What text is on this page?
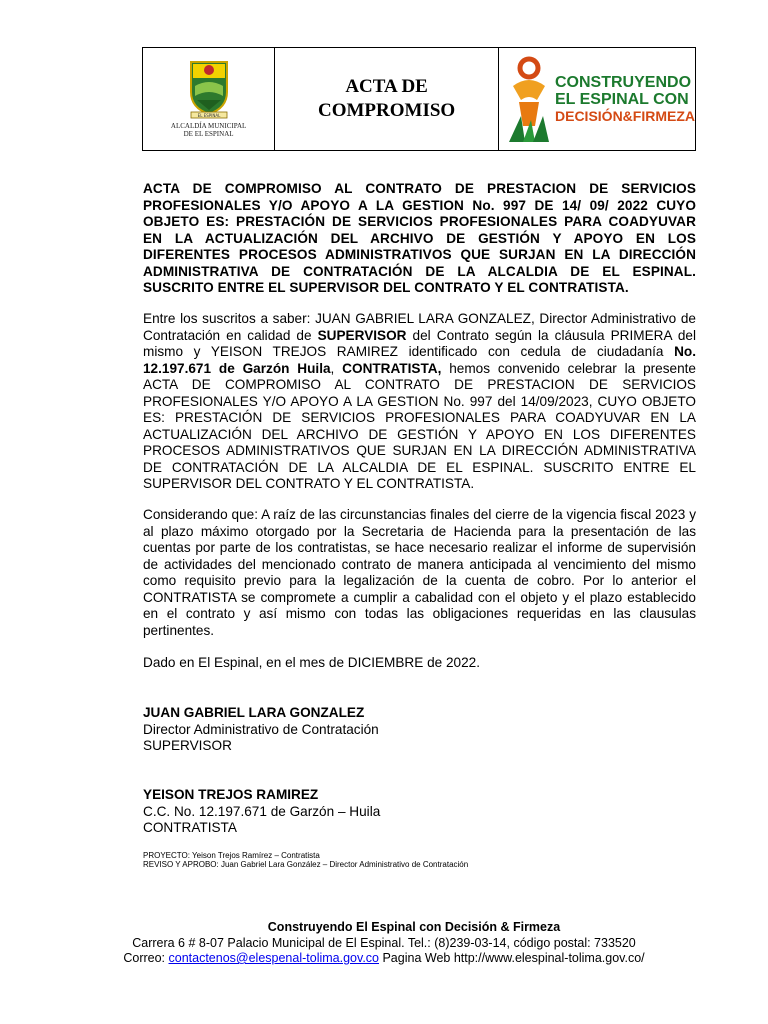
EL ESPINAL
ALCALDÍA MUNICIPAL
DE EL ESPINAL
ACTA DE
COMPROMISO
CONSTRUYENDO
EL ESPINAL CON
DECISIÓN&FIRMEZA
ACTA DE COMPROMISO AL CONTRATO DE PRESTACION DE SERVICIOS PROFESIONALES Y/O APOYO A LA GESTION No. 997 DE 14/ 09/ 2022 CUYO OBJETO ES: PRESTACIÓN DE SERVICIOS PROFESIONALES PARA COADYUVAR EN LA ACTUALIZACIÓN DEL ARCHIVO DE GESTIÓN Y APOYO EN LOS DIFERENTES PROCESOS ADMINISTRATIVOS QUE SURJAN EN LA DIRECCIÓN ADMINISTRATIVA DE CONTRATACIÓN DE LA ALCALDIA DE EL ESPINAL. SUSCRITO ENTRE EL SUPERVISOR DEL CONTRATO Y EL CONTRATISTA.
Entre los suscritos a saber: JUAN GABRIEL LARA GONZALEZ, Director Administrativo de Contratación en calidad de SUPERVISOR del Contrato según la cláusula PRIMERA del mismo y YEISON TREJOS RAMIREZ identificado con cedula de ciudadanía No. 12.197.671 de Garzón Huila, CONTRATISTA, hemos convenido celebrar la presente ACTA DE COMPROMISO AL CONTRATO DE PRESTACION DE SERVICIOS PROFESIONALES Y/O APOYO A LA GESTION No. 997 del 14/09/2023, CUYO OBJETO ES: PRESTACIÓN DE SERVICIOS PROFESIONALES PARA COADYUVAR EN LA ACTUALIZACIÓN DEL ARCHIVO DE GESTIÓN Y APOYO EN LOS DIFERENTES PROCESOS ADMINISTRATIVOS QUE SURJAN EN LA DIRECCIÓN ADMINISTRATIVA DE CONTRATACIÓN DE LA ALCALDIA DE EL ESPINAL. SUSCRITO ENTRE EL SUPERVISOR DEL CONTRATO Y EL CONTRATISTA.
Considerando que: A raíz de las circunstancias finales del cierre de la vigencia fiscal 2023 y al plazo máximo otorgado por la Secretaria de Hacienda para la presentación de las cuentas por parte de los contratistas, se hace necesario realizar el informe de supervisión de actividades del mencionado contrato de manera anticipada al vencimiento del mismo como requisito previo para la legalización de la cuenta de cobro. Por lo anterior el CONTRATISTA se compromete a cumplir a cabalidad con el objeto y el plazo establecido en el contrato y así mismo con todas las obligaciones requeridas en las clausulas pertinentes.
Dado en El Espinal, en el mes de DICIEMBRE de 2022.
JUAN GABRIEL LARA GONZALEZ
Director Administrativo de Contratación
SUPERVISOR
YEISON TREJOS RAMIREZ
C.C. No. 12.197.671 de Garzón – Huila
CONTRATISTA
PROYECTO: Yeison Trejos Ramírez – Contratista
REVISO Y APROBO: Juan Gabriel Lara González – Director Administrativo de Contratación
Construyendo El Espinal con Decisión & Firmeza
Carrera 6 # 8-07 Palacio Municipal de El Espinal. Tel.: (8)239-03-14, código postal: 733520
Correo: contactenos@elespenal-tolima.gov.co Pagina Web http://www.elespinal-tolima.gov.co/
